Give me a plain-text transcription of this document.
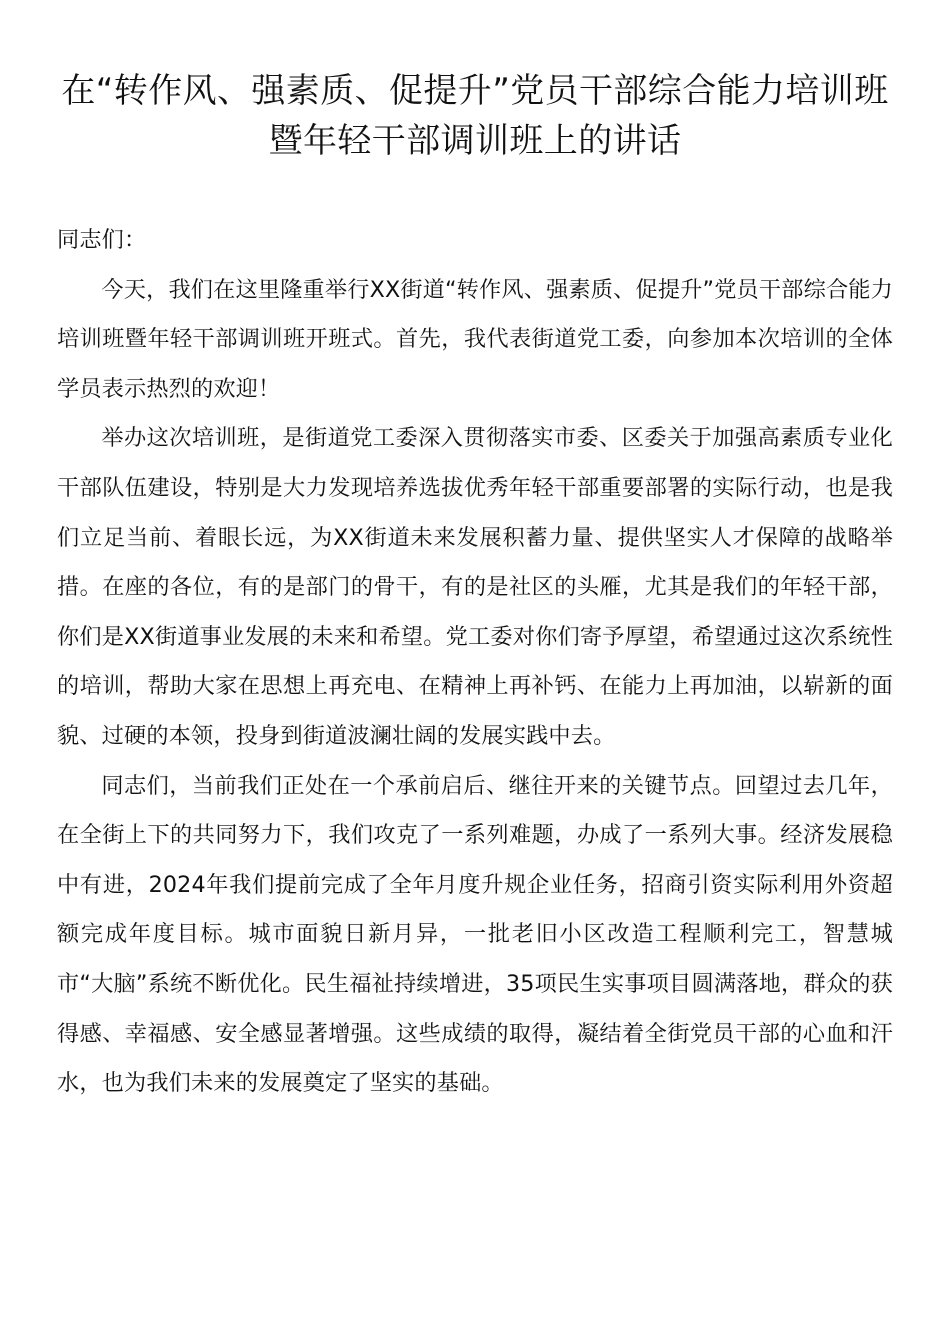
在“转作风、强素质、促提升”党员干部综合能力培训班暨年轻干部调训班上的讲话

同志们：

今天，我们在这里隆重举行XX街道“转作风、强素质、促提升”党员干部综合能力培训班暨年轻干部调训班开班式。首先，我代表街道党工委，向参加本次培训的全体学员表示热烈的欢迎！

举办这次培训班，是街道党工委深入贯彻落实市委、区委关于加强高素质专业化干部队伍建设，特别是大力发现培养选拔优秀年轻干部重要部署的实际行动，也是我们立足当前、着眼长远，为XX街道未来发展积蓄力量、提供坚实人才保障的战略举措。在座的各位，有的是部门的骨干，有的是社区的头雁，尤其是我们的年轻干部，你们是XX街道事业发展的未来和希望。党工委对你们寄予厚望，希望通过这次系统性的培训，帮助大家在思想上再充电、在精神上再补钙、在能力上再加油，以崭新的面貌、过硬的本领，投身到街道波澜壮阔的发展实践中去。

同志们，当前我们正处在一个承前启后、继往开来的关键节点。回望过去几年，在全街上下的共同努力下，我们攻克了一系列难题，办成了一系列大事。经济发展稳中有进，2024年我们提前完成了全年月度升规企业任务，招商引资实际利用外资超额完成年度目标。城市面貌日新月异，一批老旧小区改造工程顺利完工，智慧城市“大脑”系统不断优化。民生福祉持续增进，35项民生实事项目圆满落地，群众的获得感、幸福感、安全感显著增强。这些成绩的取得，凝结着全街党员干部的心血和汗水，也为我们未来的发展奠定了坚实的基础。
